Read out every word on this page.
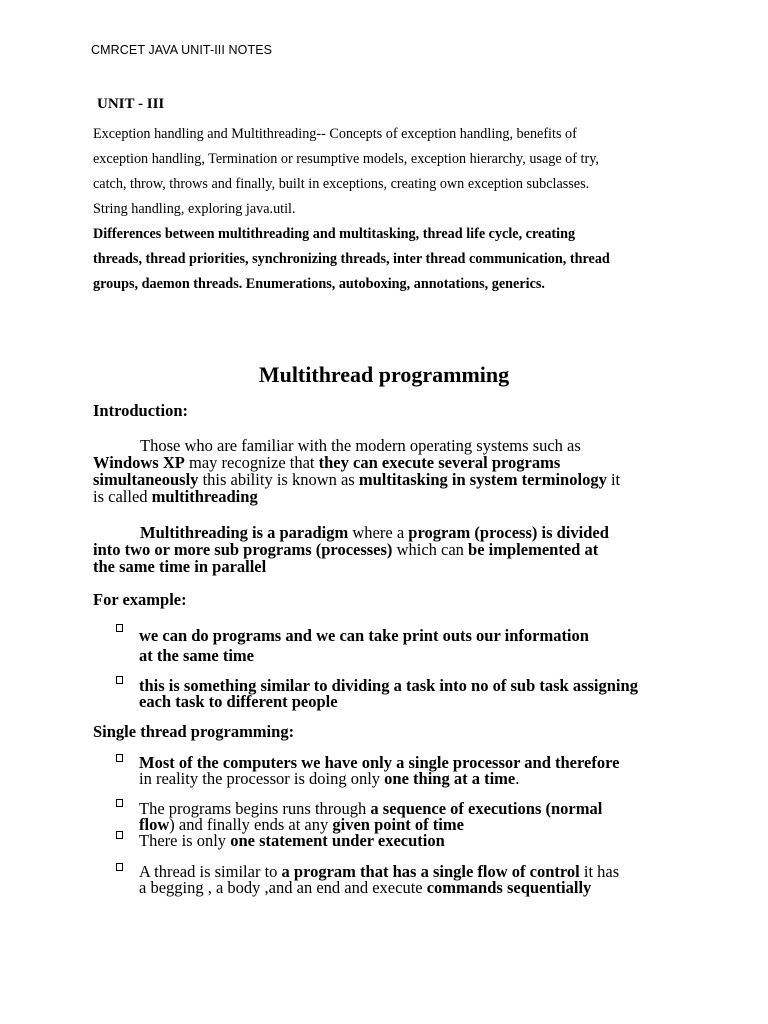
CMRCET JAVA UNIT-III NOTES
UNIT - III
Exception handling and Multithreading-- Concepts of exception handling, benefits of
exception handling, Termination or resumptive models, exception hierarchy, usage of try,
catch, throw, throws and finally, built in exceptions, creating own exception subclasses.
String handling, exploring java.util.
Differences between multithreading and multitasking, thread life cycle, creating
threads, thread priorities, synchronizing threads, inter thread communication, thread
groups, daemon threads. Enumerations, autoboxing, annotations, generics.
Multithread programming
Introduction:
Those who are familiar with the modern operating systems such as
Windows XP may recognize that they can execute several programs
simultaneously this ability is known as multitasking in system terminology it
is called multithreading
Multithreading is a paradigm where a program (process) is divided
into two or more sub programs (processes) which can be implemented at
the same time in parallel
For example:
we can do programs and we can take print outs our information
at the same time
this is something similar to dividing a task into no of sub task assigning
each task to different people
Single thread programming:
Most of the computers we have only a single processor and therefore
in reality the processor is doing only one thing at a time.
The programs begins runs through a sequence of executions (normal
flow) and finally ends at any given point of time
There is only one statement under execution
A thread is similar to a program that has a single flow of control it has
a begging , a body ,and an end and execute commands sequentially
